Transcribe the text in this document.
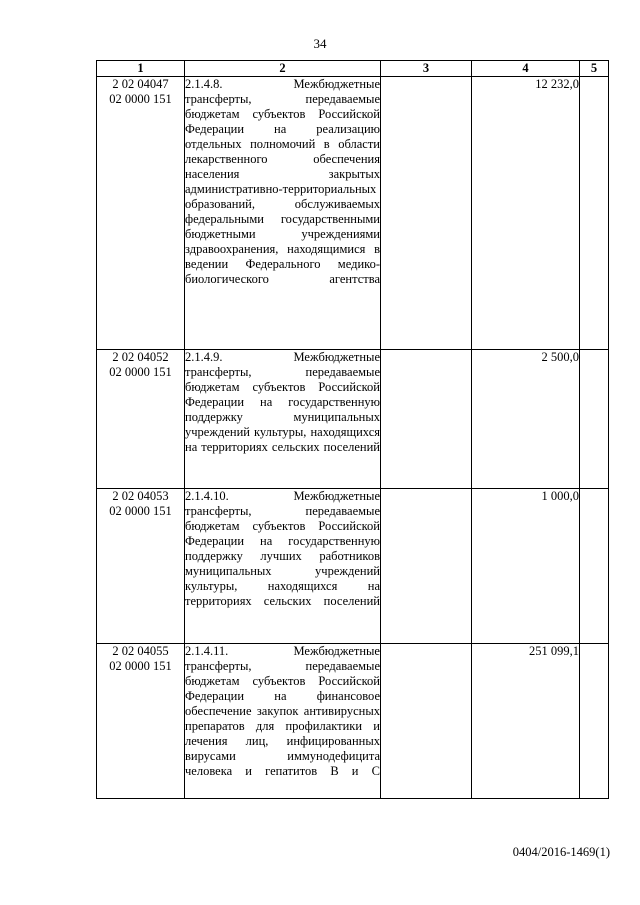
34
1	2	3	4	5

2 02 04047
02 0000 151	2.1.4.8. Межбюджетные трансферты, передаваемые бюджетам субъектов Российской Федерации на реализацию отдельных полномочий в области лекарственного обеспечения населения закрытых административно-территориальных образований, обслуживаемых федеральными государственными бюджетными учреждениями здравоохранения, находящимися в ведении Федерального медико-биологического агентства		12 232,0	

2 02 04052
02 0000 151	2.1.4.9. Межбюджетные трансферты, передаваемые бюджетам субъектов Российской Федерации на государственную поддержку муниципальных учреждений культуры, находящихся на территориях сельских поселений		2 500,0	

2 02 04053
02 0000 151	2.1.4.10. Межбюджетные трансферты, передаваемые бюджетам субъектов Российской Федерации на государственную поддержку лучших работников муниципальных учреждений культуры, находящихся на территориях сельских поселений		1 000,0	

2 02 04055
02 0000 151	2.1.4.11. Межбюджетные трансферты, передаваемые бюджетам субъектов Российской Федерации на финансовое обеспечение закупок антивирусных препаратов для профилактики и лечения лиц, инфицированных вирусами иммунодефицита человека и гепатитов B и C		251 099,1	
0404/2016-1469(1)
